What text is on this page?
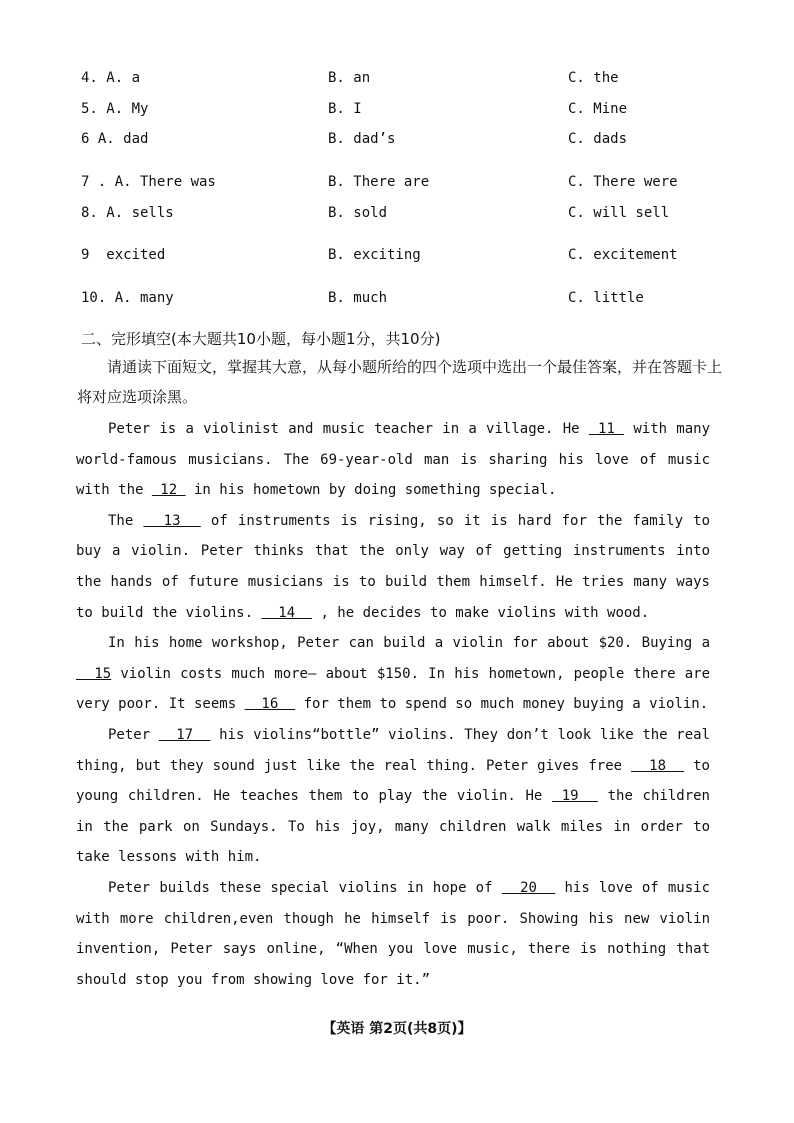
4. A. a	B. an	C. the
5. A. My	B. I	C. Mine
6 A. dad	B. dad’s	C. dads
7 . A. There was	B. There are	C. There were
8. A. sells	B. sold	C. will sell
9  excited	B. exciting	C. excitement
10. A. many	B. much	C. little
二、完形填空(本大题共10小题，每小题1分，共10分)
请通读下面短文，掌握其大意，从每小题所给的四个选项中选出一个最佳答案，并在答题卡上将对应选项涂黑。

Peter is a violinist and music teacher in a village. He  11  with many world-famous musicians. The 69-year-old man is sharing his love of music with the  12  in his hometown by doing something special.

The   13   of instruments is rising, so it is hard for the family to buy a violin. Peter thinks that the only way of getting instruments into the hands of future musicians is to build them himself. He tries many ways to build the violins.   14   , he decides to make violins with wood.

In his home workshop, Peter can build a violin for about $20. Buying a   15 violin costs much more— about $150. In his hometown, people there are very poor. It seems   16   for them to spend so much money buying a violin.

Peter   17   his violins“bottle” violins. They don’t look like the real thing, but they sound just like the real thing. Peter gives free   18   to young children. He teaches them to play the violin. He  19   the children in the park on Sundays. To his joy, many children walk miles in order to take lessons with him.

Peter builds these special violins in hope of   20   his love of music with more children,even though he himself is poor. Showing his new violin invention, Peter says online, “When you love music, there is nothing that should stop you from showing love for it.”

【英语 第2页(共8页)】
